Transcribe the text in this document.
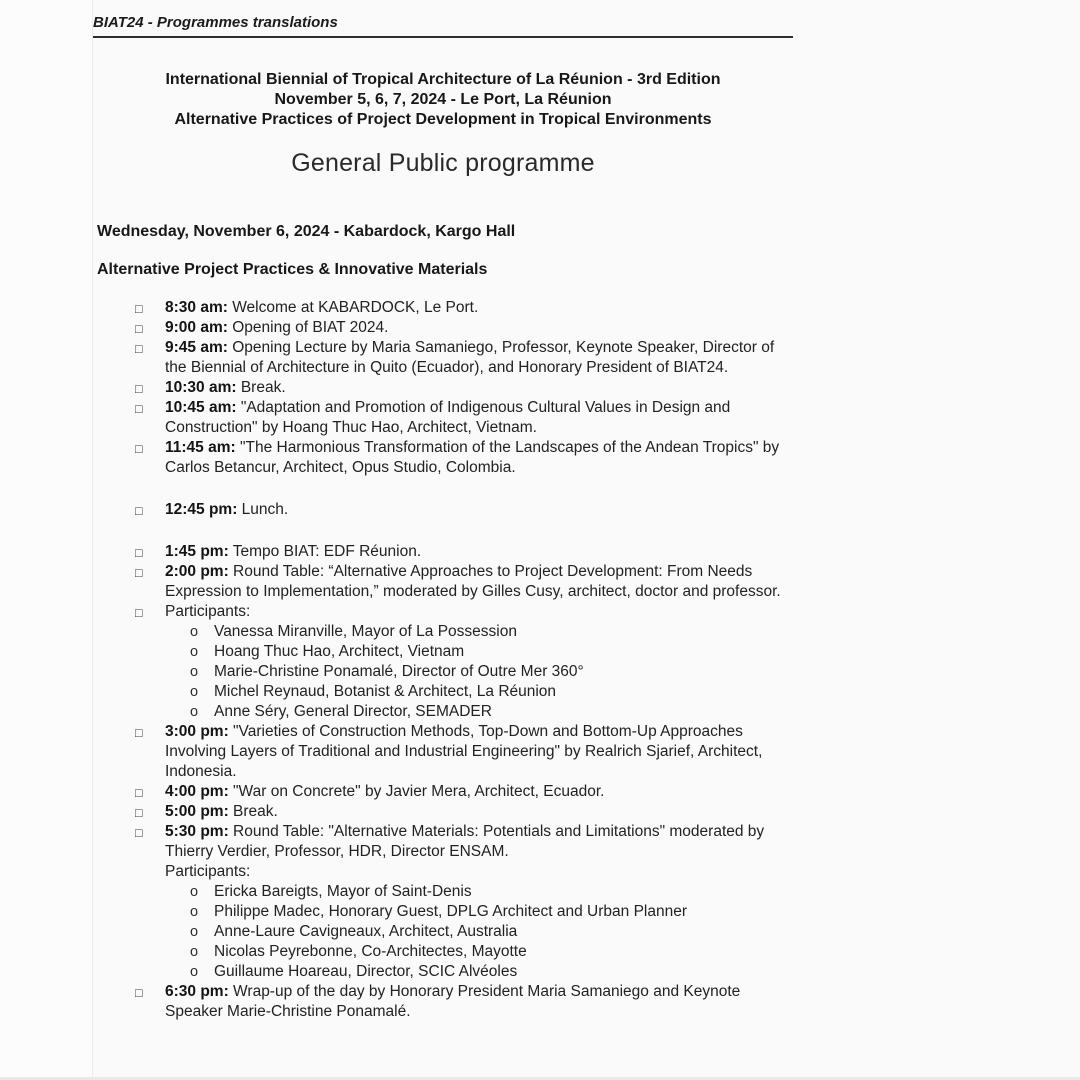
BIAT24 - Programmes translations
International Biennial of Tropical Architecture of La Réunion - 3rd Edition
November 5, 6, 7, 2024 - Le Port, La Réunion
Alternative Practices of Project Development in Tropical Environments
General Public programme
Wednesday, November 6, 2024 - Kabardock, Kargo Hall
Alternative Project Practices & Innovative Materials
□	8:30 am: Welcome at KABARDOCK, Le Port.
□	9:00 am: Opening of BIAT 2024.
□	9:45 am: Opening Lecture by Maria Samaniego, Professor, Keynote Speaker, Director of the Biennial of Architecture in Quito (Ecuador), and Honorary President of BIAT24.
□	10:30 am: Break.
□	10:45 am: "Adaptation and Promotion of Indigenous Cultural Values in Design and Construction" by Hoang Thuc Hao, Architect, Vietnam.
□	11:45 am: "The Harmonious Transformation of the Landscapes of the Andean Tropics" by Carlos Betancur, Architect, Opus Studio, Colombia.
□	12:45 pm: Lunch.
□	1:45 pm: Tempo BIAT: EDF Réunion.
□	2:00 pm: Round Table: “Alternative Approaches to Project Development: From Needs Expression to Implementation,” moderated by Gilles Cusy, architect, doctor and professor.
□	Participants:
o	Vanessa Miranville, Mayor of La Possession
o	Hoang Thuc Hao, Architect, Vietnam
o	Marie-Christine Ponamalé, Director of Outre Mer 360°
o	Michel Reynaud, Botanist & Architect, La Réunion
o	Anne Séry, General Director, SEMADER
□	3:00 pm: "Varieties of Construction Methods, Top-Down and Bottom-Up Approaches Involving Layers of Traditional and Industrial Engineering" by Realrich Sjarief, Architect, Indonesia.
□	4:00 pm: "War on Concrete" by Javier Mera, Architect, Ecuador.
□	5:00 pm: Break.
□	5:30 pm: Round Table: "Alternative Materials: Potentials and Limitations" moderated by Thierry Verdier, Professor, HDR, Director ENSAM.
Participants:
o	Ericka Bareigts, Mayor of Saint-Denis
o	Philippe Madec, Honorary Guest, DPLG Architect and Urban Planner
o	Anne-Laure Cavigneaux, Architect, Australia
o	Nicolas Peyrebonne, Co-Architectes, Mayotte
o	Guillaume Hoareau, Director, SCIC Alvéoles
□	6:30 pm: Wrap-up of the day by Honorary President Maria Samaniego and Keynote Speaker Marie-Christine Ponamalé.
